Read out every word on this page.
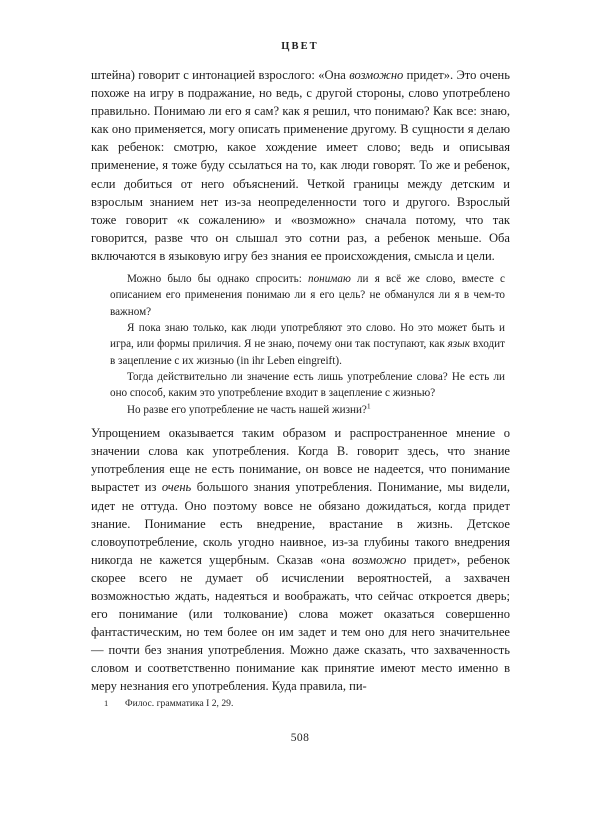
ЦВЕТ

штейна) говорит с интонацией взрослого: «Она возможно придет». Это очень похоже на игру в подражание, но ведь, с другой стороны, слово употреблено правильно. Понимаю ли его я сам? как я решил, что понимаю? Как все: знаю, как оно применяется, могу описать применение другому. В сущности я делаю как ребенок: смотрю, какое хождение имеет слово; ведь и описывая применение, я тоже буду ссылаться на то, как люди говорят. То же и ребенок, если добиться от него объяснений. Четкой границы между детским и взрослым знанием нет из-за неопределенности того и другого. Взрослый тоже говорит «к сожалению» и «возможно» сначала потому, что так говорится, разве что он слышал это сотни раз, а ребенок меньше. Оба включаются в языковую игру без знания ее происхождения, смысла и цели.

Можно было бы однако спросить: понимаю ли я всё же слово, вместе с описанием его применения понимаю ли я его цель? не обманулся ли я в чем-то важном?

Я пока знаю только, как люди употребляют это слово. Но это может быть и игра, или формы приличия. Я не знаю, почему они так поступают, как язык входит в зацепление с их жизнью (in ihr Leben eingreift).

Тогда действительно ли значение есть лишь употребление слова? Не есть ли оно способ, каким это употребление входит в зацепление с жизнью?

Но разве его употребление не часть нашей жизни?$^1$

Упрощением оказывается таким образом и распространенное мнение о значении слова как употребления. Когда В. говорит здесь, что знание употребления еще не есть понимание, он вовсе не надеется, что понимание вырастет из очень большого знания употребления. Понимание, мы видели, идет не оттуда. Оно поэтому вовсе не обязано дожидаться, когда придет знание. Понимание есть внедрение, врастание в жизнь. Детское словоупотребление, сколь угодно наивное, из-за глубины такого внедрения никогда не кажется ущербным. Сказав «она возможно придет», ребенок скорее всего не думает об исчислении вероятностей, а захвачен возможностью ждать, надеяться и воображать, что сейчас откроется дверь; его понимание (или толкование) слова может оказаться совершенно фантастическим, но тем более он им задет и тем оно для него значительнее — почти без знания употребления. Можно даже сказать, что захваченность словом и соответственно понимание как принятие имеют место именно в меру незнания его употребления. Куда правила, пи-

1 Филос. грамматика I 2, 29.

508
